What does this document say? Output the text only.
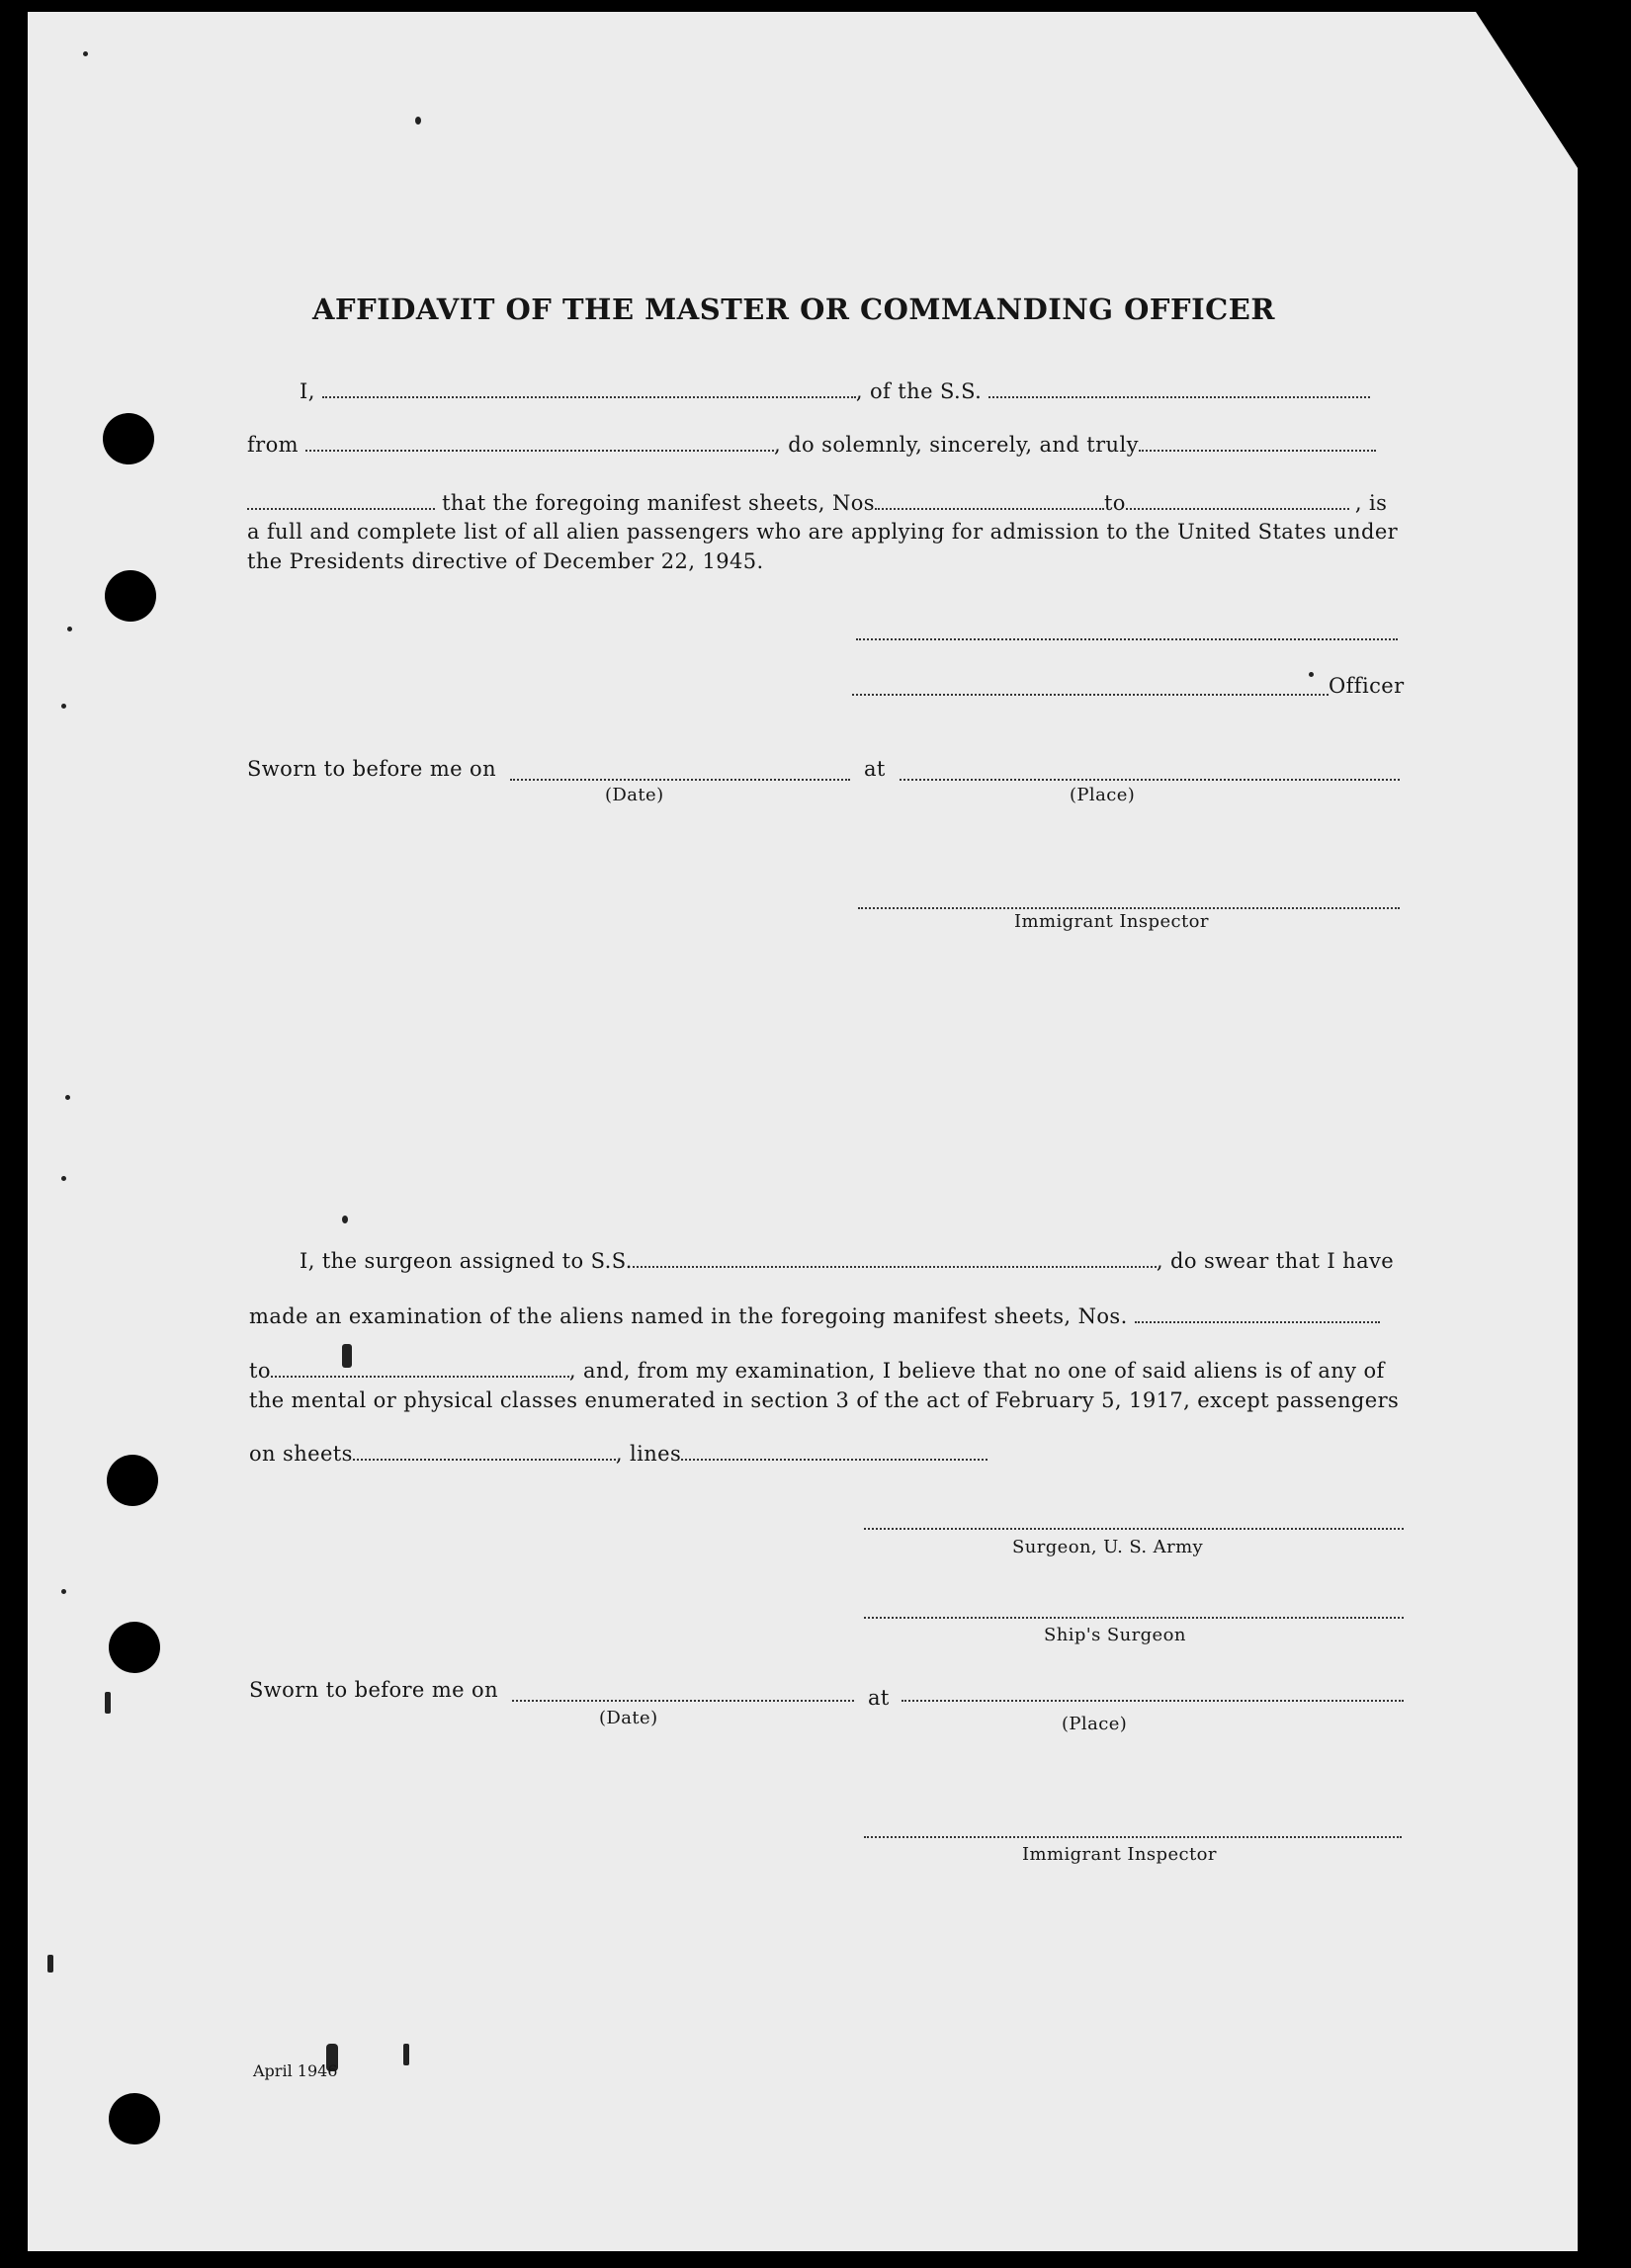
AFFIDAVIT OF THE MASTER OR COMMANDING OFFICER
I,	, of the S.S.
from	, do solemnly, sincerely, and truly
that the foregoing manifest sheets, Nos	to	, is
a full and complete list of all alien passengers who are applying for admission to the United States under
the Presidents directive of December 22, 1945.
Officer
Sworn to before me on	at
(Date)	(Place)
Immigrant Inspector
I, the surgeon assigned to S.S.	, do swear that I have
made an examination of the aliens named in the foregoing manifest sheets, Nos.
to	, and, from my examination, I believe that no one of said aliens is of any of
the mental or physical classes enumerated in section 3 of the act of February 5, 1917, except passengers
on sheets	, lines
Surgeon, U. S. Army
Ship's Surgeon
Sworn to before me on	at
(Date)	(Place)
Immigrant Inspector
April 1946
